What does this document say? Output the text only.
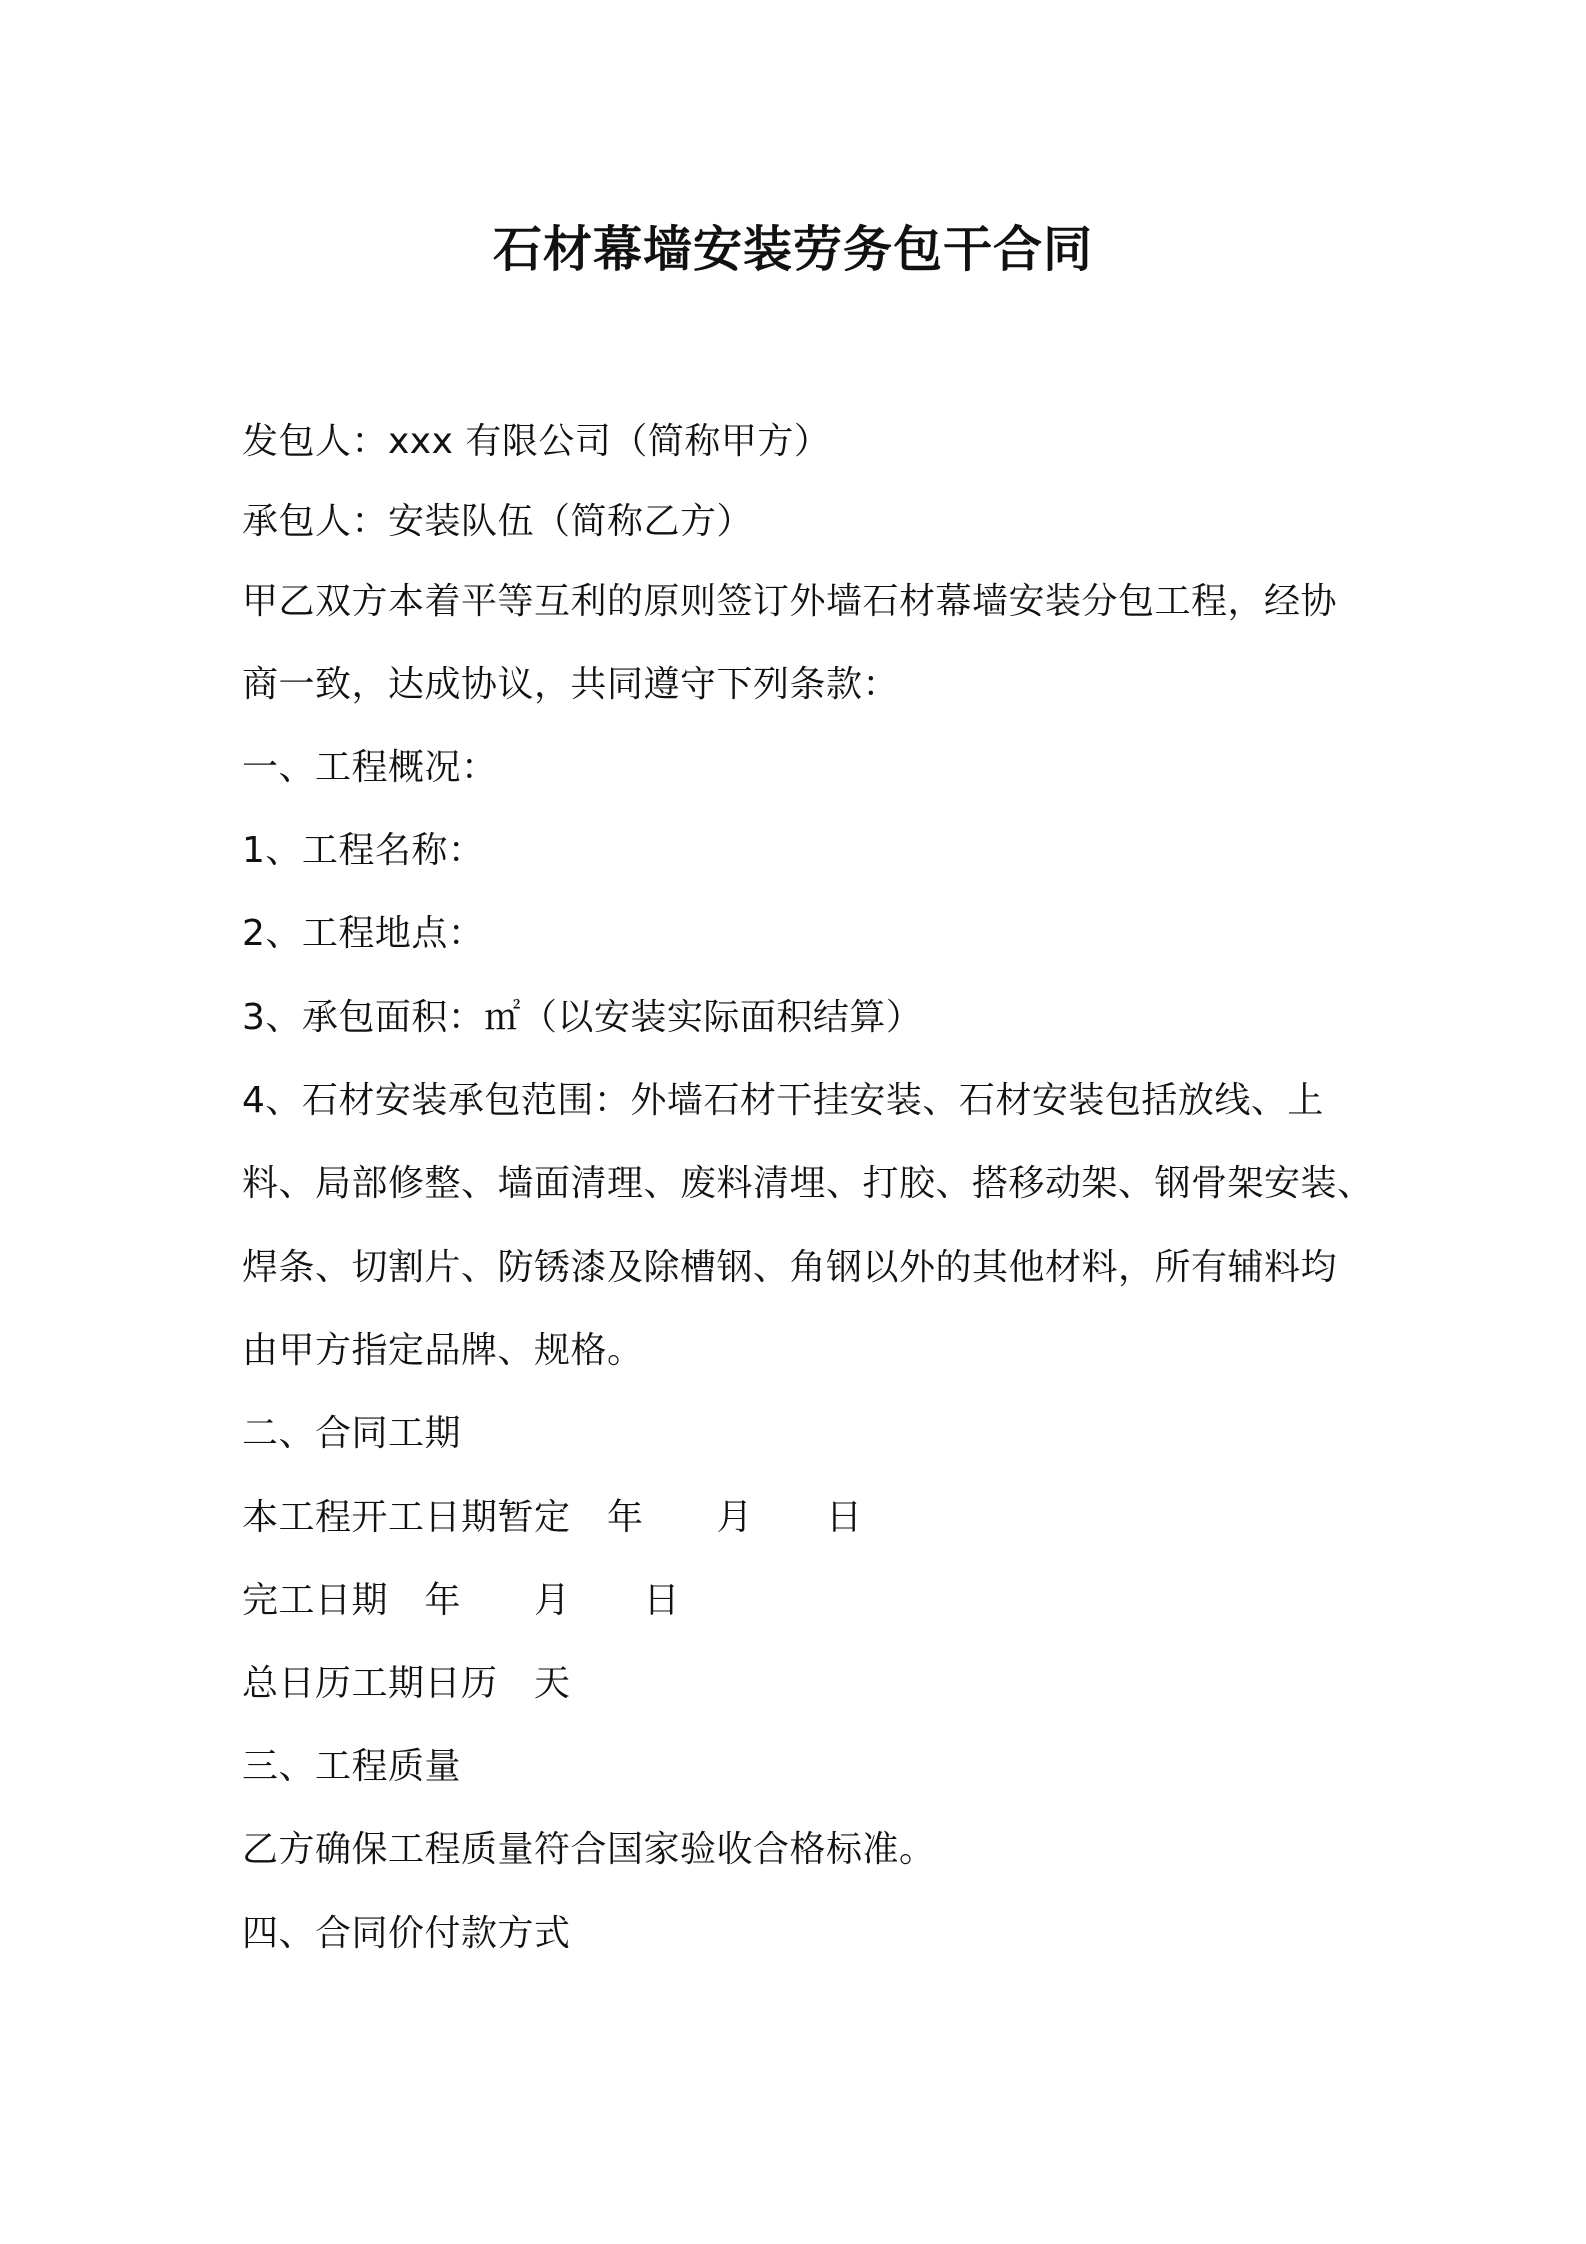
石材幕墙安装劳务包干合同
发包人：xxx 有限公司（简称甲方）
承包人：安装队伍（简称乙方）
甲乙双方本着平等互利的原则签订外墙石材幕墙安装分包工程，经协
商一致，达成协议，共同遵守下列条款：
一、工程概况：
1、工程名称：
2、工程地点：
3、承包面积：㎡（以安装实际面积结算）
4、石材安装承包范围：外墙石材干挂安装、石材安装包括放线、上
料、局部修整、墙面清理、废料清埋、打胶、搭移动架、钢骨架安装、
焊条、切割片、防锈漆及除槽钢、角钢以外的其他材料，所有辅料均
由甲方指定品牌、规格。
二、合同工期
本工程开工日期暂定　年　　月　　日
完工日期　年　　月　　日
总日历工期日历　天
三、工程质量
乙方确保工程质量符合国家验收合格标准。
四、合同价付款方式
